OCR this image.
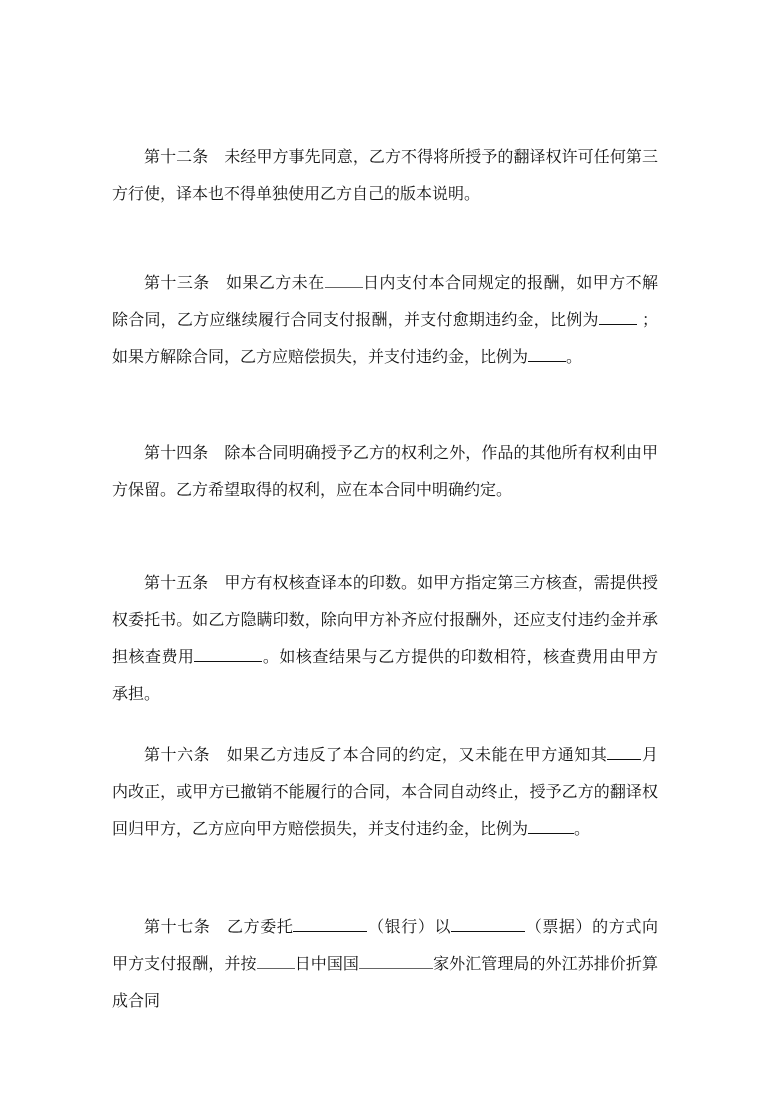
第十二条　未经甲方事先同意，乙方不得将所授予的翻译权许可任何第三方行使，译本也不得单独使用乙方自己的版本说明。

第十三条　如果乙方未在 日内支付本合同规定的报酬，如甲方不解除合同，乙方应继续履行合同支付报酬，并支付愈期违约金，比例为 ；如果方解除合同，乙方应赔偿损失，并支付违约金，比例为 。

第十四条　除本合同明确授予乙方的权利之外，作品的其他所有权利由甲方保留。乙方希望取得的权利，应在本合同中明确约定。

第十五条　甲方有权核查译本的印数。如甲方指定第三方核查，需提供授权委托书。如乙方隐瞒印数，除向甲方补齐应付报酬外，还应支付违约金并承担核查费用	。如核查结果与乙方提供的印数相符，核查费用由甲方承担。

第十六条　如果乙方违反了本合同的约定，又未能在甲方通知其 月内改正，或甲方已撤销不能履行的合同，本合同自动终止，授予乙方的翻译权回归甲方，乙方应向甲方赔偿损失，并支付违约金，比例为	。

第十七条　乙方委托	（银行）以	（票据）的方式向甲方支付报酬，并按 日中国国	家外汇管理局的外江苏排价折算成合同
